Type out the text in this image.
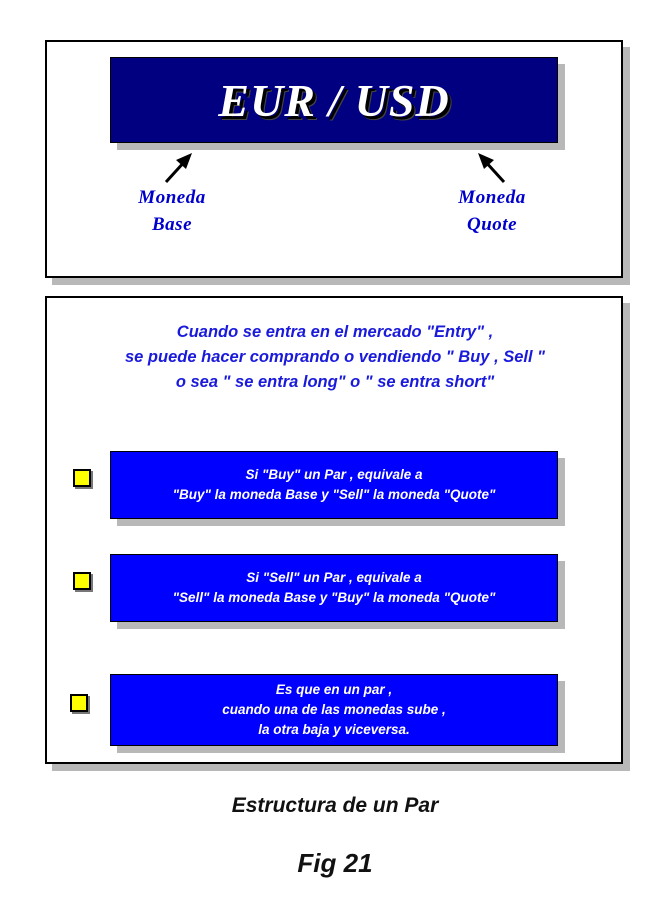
EUR / USD
Moneda
Base
Moneda
Quote
Cuando se entra en el mercado "Entry" ,
se puede hacer comprando o vendiendo " Buy , Sell "
o sea " se entra long" o " se entra short"
Si "Buy" un Par , equivale a
"Buy" la moneda Base y "Sell" la moneda "Quote"
Si "Sell" un Par , equivale a
"Sell" la moneda Base y "Buy" la moneda "Quote"
Es que en un par ,
cuando una de las monedas sube ,
la otra baja y viceversa.
Estructura de un Par
Fig 21
